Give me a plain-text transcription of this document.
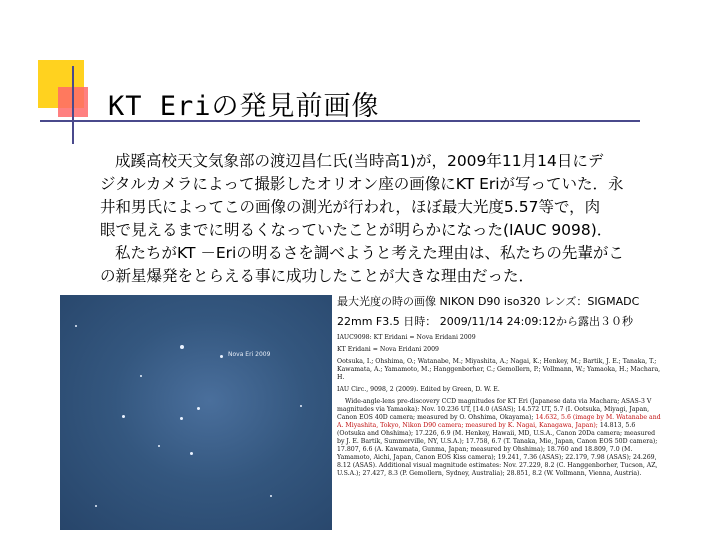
KT Eriの発見前画像

成蹊高校天文気象部の渡辺昌仁氏(当時高1)が，2009年11月14日にデ

ジタルカメラによって撮影したオリオン座の画像にKT Eriが写っていた．永

井和男氏によってこの画像の測光が行われ，ほぼ最大光度5.57等で，肉

眼で見えるまでに明るくなっていたことが明らかになった(IAUC 9098)．

私たちがKT －Eriの明るさを調べようと考えた理由は、私たちの先輩がこ

の新星爆発をとらえる事に成功したことが大きな理由だった．

Nova Eri 2009
最大光度の時の画像 NIKON D90 iso320 レンズ：SIGMADC
22mm F3.5 日時： 2009/11/14 24:09:12から露出３０秒

IAUC9098: KT Eridani = Nova Eridani 2009

KT Eridani = Nova Eridani 2009

Ootsuka, I.; Ohshima, O.; Watanabe, M.; Miyashita, A.; Nagai, K.; Henkey, M.; Bartik, J. E.; Tanaka, T.; Kawamata, A.; Yamamoto, M.; Hanggenborher, C.; Gemollern, P.; Vollmann, W.; Yamaoka, H.; Machara, H.

IAU Circ., 9098, 2 (2009). Edited by Green, D. W. E.

Wide-angle-lens pre-discovery CCD magnitudes for KT Eri (Japanese data via Machara; ASAS-3 V magnitudes via Yamaoka): Nov. 10.236 UT, [14.0 (ASAS); 14.572 UT, 5.7 (I. Ootsuka, Miyagi, Japan, Canon EOS 40D camera; measured by O. Ohshima, Okayama); 14.632, 5.6 (image by M. Watanabe and A. Miyashita, Tokyo, Nikon D90 camera; measured by K. Nagai, Kanagawa, Japan); 14.813, 5.6 (Ootsuka and Ohshima); 17.226, 6.9 (M. Henkey, Hawaii, MD, U.S.A., Canon 20Da camera; measured by J. E. Bartik, Summerville, NY, U.S.A.); 17.758, 6.7 (T. Tanaka, Mie, Japan, Canon EOS 50D camera); 17.807, 6.6 (A. Kawamata, Gunma, Japan; measured by Ohshima); 18.760 and 18.809, 7.0 (M. Yamamoto, Aichi, Japan, Canon EOS Kiss camera); 19.241, 7.36 (ASAS); 22.179, 7.98 (ASAS); 24.269, 8.12 (ASAS). Additional visual magnitude estimates: Nov. 27.229, 8.2 (C. Hanggenborher, Tucson, AZ, U.S.A.); 27.427, 8.3 (P. Gemollern, Sydney, Australia); 28.851, 8.2 (W. Vollmann, Vienna, Austria).
